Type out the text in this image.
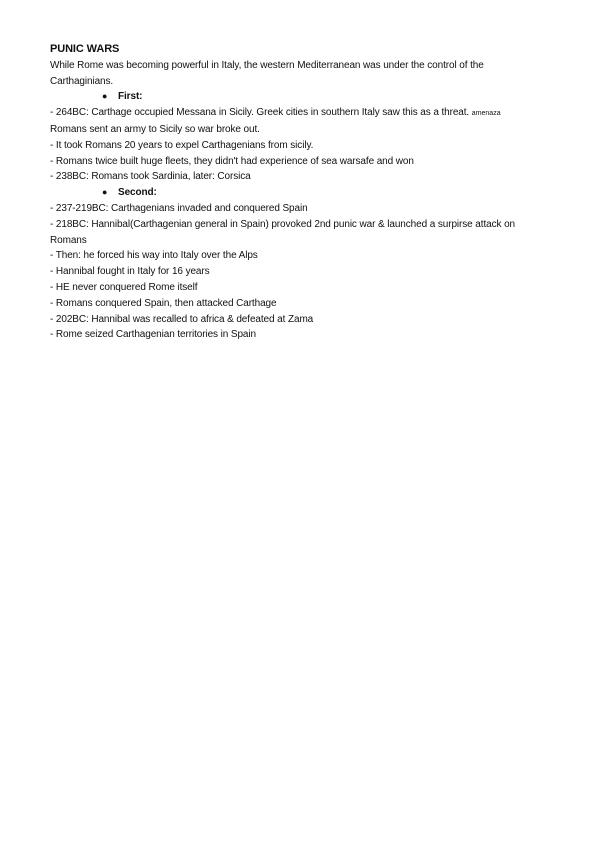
PUNIC WARS

While Rome was becoming powerful in Italy, the western Mediterranean was under the control of the Carthaginians.

● First:

- 264BC: Carthage occupied Messana in Sicily. Greek cities in southern Italy saw this as a threat. amenaza

Romans sent an army to Sicily so war broke out.

- It took Romans 20 years to expel Carthagenians from sicily.

- Romans twice built huge fleets, they didn't had experience of sea warsafe and won

- 238BC: Romans took Sardinia, later: Corsica

● Second:

- 237-219BC: Carthagenians invaded and conquered Spain

- 218BC: Hannibal(Carthagenian general in Spain) provoked 2nd punic war & launched a surpirse attack on Romans

- Then: he forced his way into Italy over the Alps

- Hannibal fought in Italy for 16 years

- HE never conquered Rome itself

- Romans conquered Spain, then attacked Carthage

- 202BC: Hannibal was recalled to africa & defeated at Zama

- Rome seized Carthagenian territories in Spain
